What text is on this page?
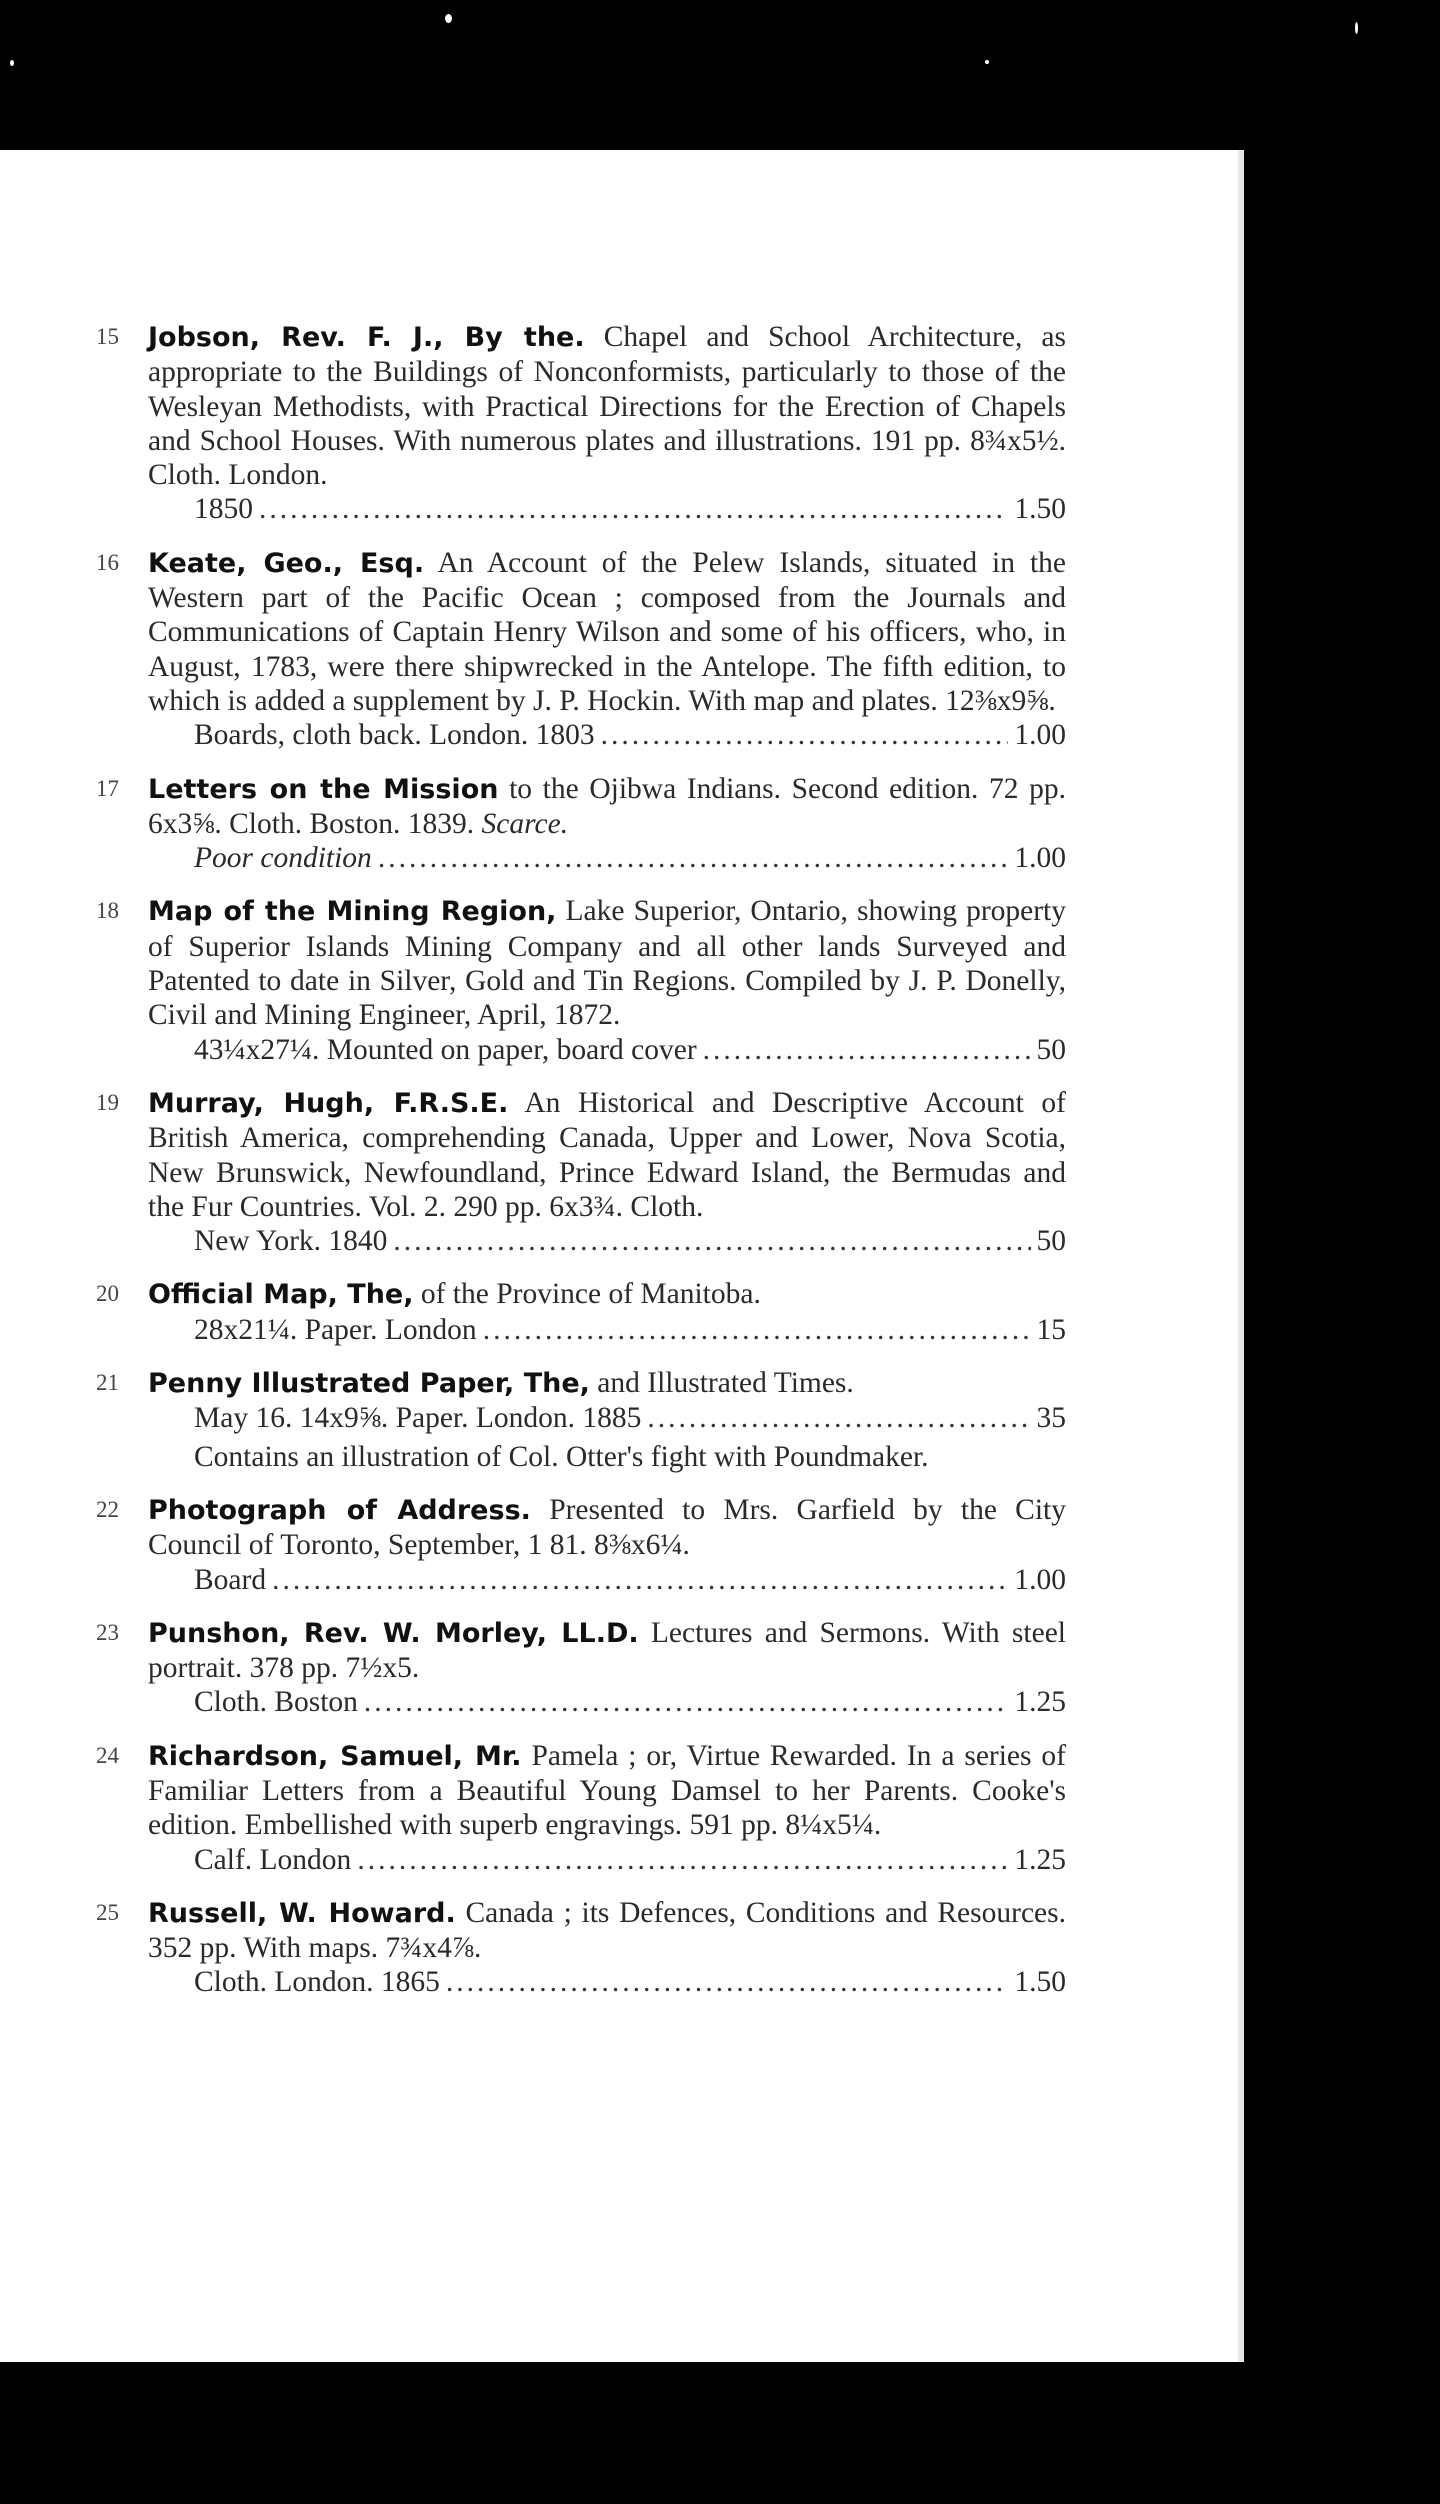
15 Jobson, Rev. F. J., By the. Chapel and School Architecture, as appropriate to the Buildings of Nonconformists, particularly to those of the Wesleyan Methodists, with Practical Directions for the Erection of Chapels and School Houses. With numerous plates and illustrations. 191 pp. 8¾x5½. Cloth. London.
1850 .....	1.50
16 Keate, Geo., Esq. An Account of the Pelew Islands, situated in the Western part of the Pacific Ocean ; composed from the Journals and Communications of Captain Henry Wilson and some of his officers, who, in August, 1783, were there shipwrecked in the Antelope. The fifth edition, to which is added a supplement by J. P. Hockin. With map and plates. 12⅜x9⅝.
Boards, cloth back. London. 1803 .....	1.00
17 Letters on the Mission to the Ojibwa Indians. Second edition. 72 pp. 6x3⅝. Cloth. Boston. 1839. Scarce.
Poor condition .....	1.00
18 Map of the Mining Region, Lake Superior, Ontario, showing property of Superior Islands Mining Company and all other lands Surveyed and Patented to date in Silver, Gold and Tin Regions. Compiled by J. P. Donelly, Civil and Mining Engineer, April, 1872.
43¼x27¼. Mounted on paper, board cover .....	50
19 Murray, Hugh, F.R.S.E. An Historical and Descriptive Account of British America, comprehending Canada, Upper and Lower, Nova Scotia, New Brunswick, Newfoundland, Prince Edward Island, the Bermudas and the Fur Countries. Vol. 2. 290 pp. 6x3¾. Cloth.
New York. 1840 .....	50
20 Official Map, The, of the Province of Manitoba.
28x21¼. Paper. London .....	15
21 Penny Illustrated Paper, The, and Illustrated Times.
May 16. 14x9⅝. Paper. London. 1885 .....	35
Contains an illustration of Col. Otter's fight with Poundmaker.
22 Photograph of Address. Presented to Mrs. Garfield by the City Council of Toronto, September, 1 81. 8⅜x6¼.
Board .....	1.00
23 Punshon, Rev. W. Morley, LL.D. Lectures and Sermons. With steel portrait. 378 pp. 7½x5.
Cloth. Boston .....	1.25
24 Richardson, Samuel, Mr. Pamela ; or, Virtue Rewarded. In a series of Familiar Letters from a Beautiful Young Damsel to her Parents. Cooke's edition. Embellished with superb engravings. 591 pp. 8¼x5¼.
Calf. London .....	1.25
25 Russell, W. Howard. Canada ; its Defences, Conditions and Resources. 352 pp. With maps. 7¾x4⅞.
Cloth. London. 1865 .....	1.50
